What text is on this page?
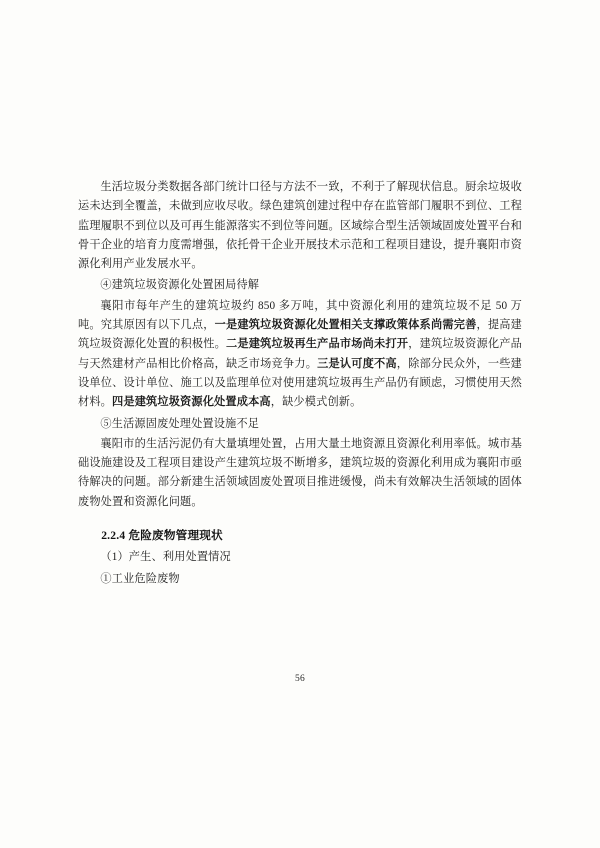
生活垃圾分类数据各部门统计口径与方法不一致，不利于了解现状信息。厨余垃圾收运未达到全覆盖，未做到应收尽收。绿色建筑创建过程中存在监管部门履职不到位、工程监理履职不到位以及可再生能源落实不到位等问题。区域综合型生活领域固废处置平台和骨干企业的培育力度需增强，依托骨干企业开展技术示范和工程项目建设，提升襄阳市资源化利用产业发展水平。

④建筑垃圾资源化处置困局待解

襄阳市每年产生的建筑垃圾约 850 多万吨，其中资源化利用的建筑垃圾不足 50 万吨。究其原因有以下几点，一是建筑垃圾资源化处置相关支撑政策体系尚需完善，提高建筑垃圾资源化处置的积极性。二是建筑垃圾再生产品市场尚未打开，建筑垃圾资源化产品与天然建材产品相比价格高，缺乏市场竞争力。三是认可度不高，除部分民众外，一些建设单位、设计单位、施工以及监理单位对使用建筑垃圾再生产品仍有顾虑，习惯使用天然材料。四是建筑垃圾资源化处置成本高，缺少模式创新。

⑤生活源固废处理处置设施不足

襄阳市的生活污泥仍有大量填埋处置，占用大量土地资源且资源化利用率低。城市基础设施建设及工程项目建设产生建筑垃圾不断增多，建筑垃圾的资源化利用成为襄阳市亟待解决的问题。部分新建生活领域固废处置项目推进缓慢，尚未有效解决生活领域的固体废物处置和资源化问题。

2.2.4 危险废物管理现状

（1）产生、利用处置情况

①工业危险废物

56
